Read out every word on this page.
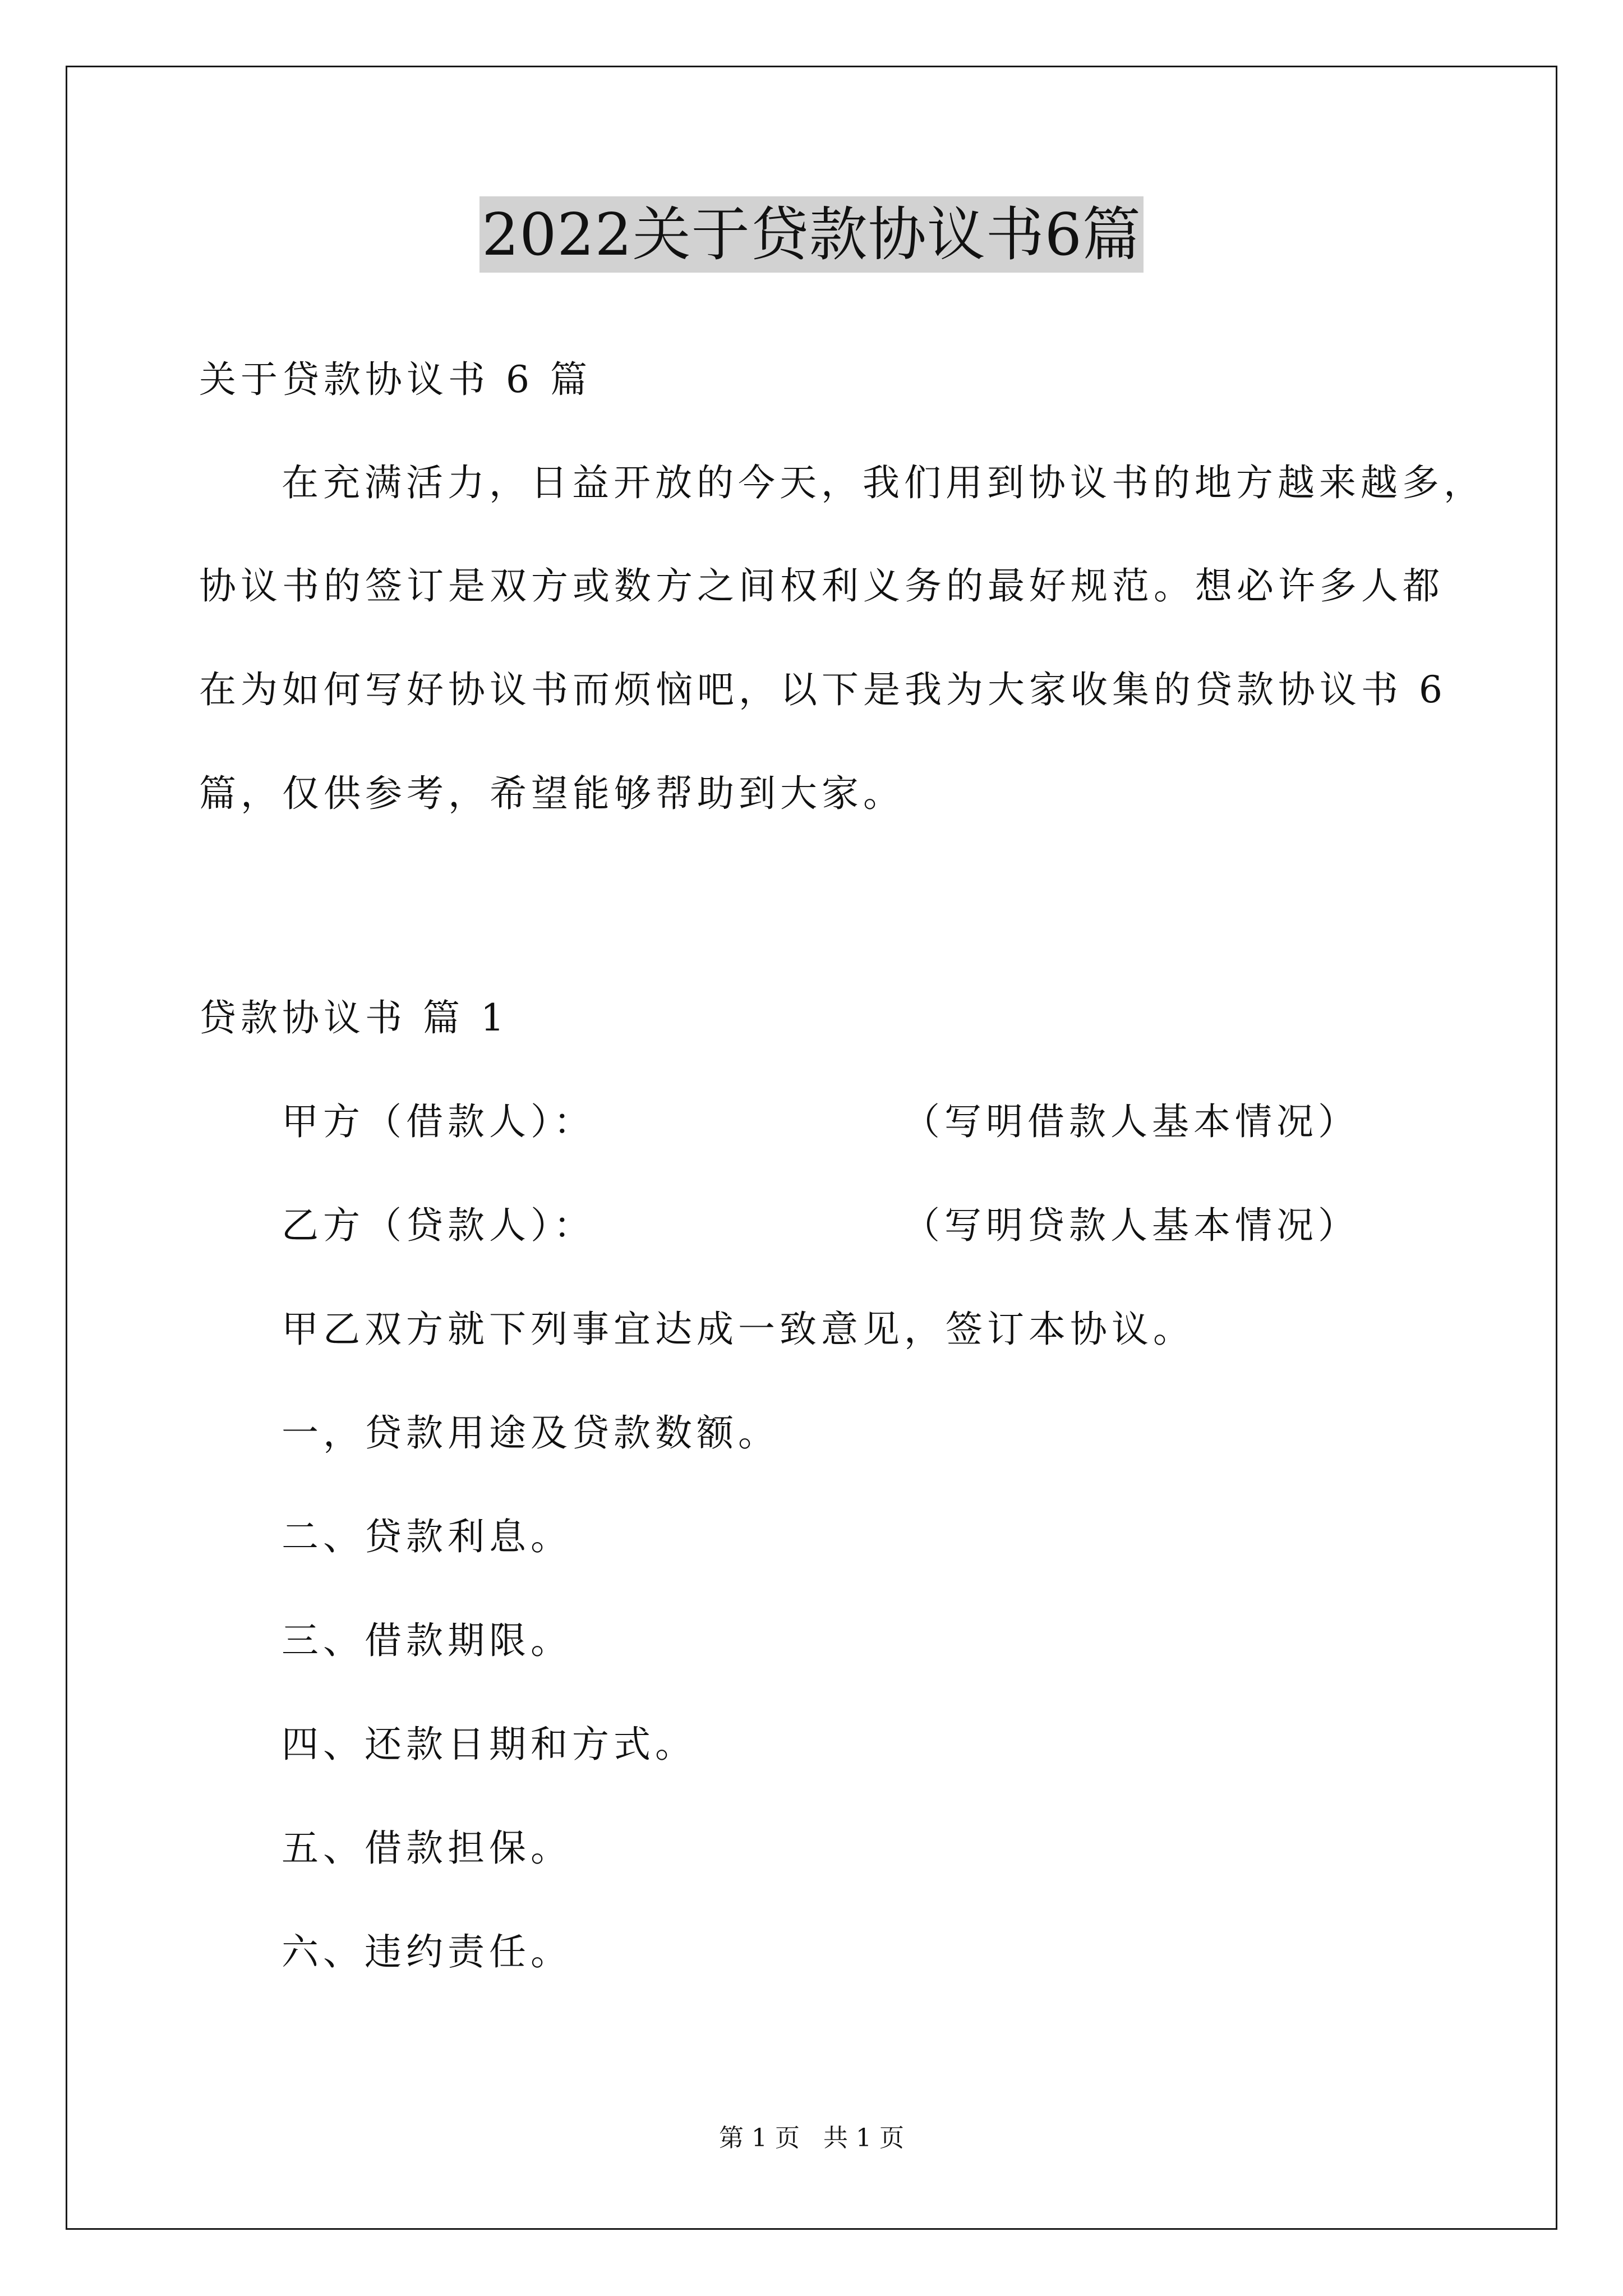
2022关于贷款协议书6篇
关于贷款协议书 6 篇
在充满活力，日益开放的今天，我们用到协议书的地方越来越多，
协议书的签订是双方或数方之间权利义务的最好规范。想必许多人都
在为如何写好协议书而烦恼吧，以下是我为大家收集的贷款协议书 6
篇，仅供参考，希望能够帮助到大家。
贷款协议书 篇 1
甲方（借款人）：	（写明借款人基本情况）
乙方（贷款人）：	（写明贷款人基本情况）
甲乙双方就下列事宜达成一致意见，签订本协议。
一，贷款用途及贷款数额。
二、贷款利息。
三、借款期限。
四、还款日期和方式。
五、借款担保。
六、违约责任。
第 1 页   共 1 页
